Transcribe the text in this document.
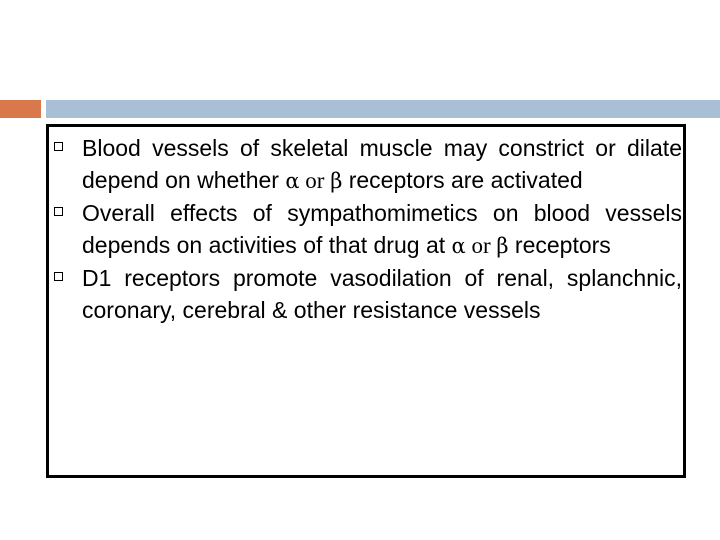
Blood vessels of skeletal muscle may constrict or dilate depend on whether α or β receptors are activated
Overall effects of sympathomimetics on blood vessels depends on activities of that drug at α or β receptors
D1 receptors promote vasodilation of renal, splanchnic, coronary, cerebral & other resistance vessels
